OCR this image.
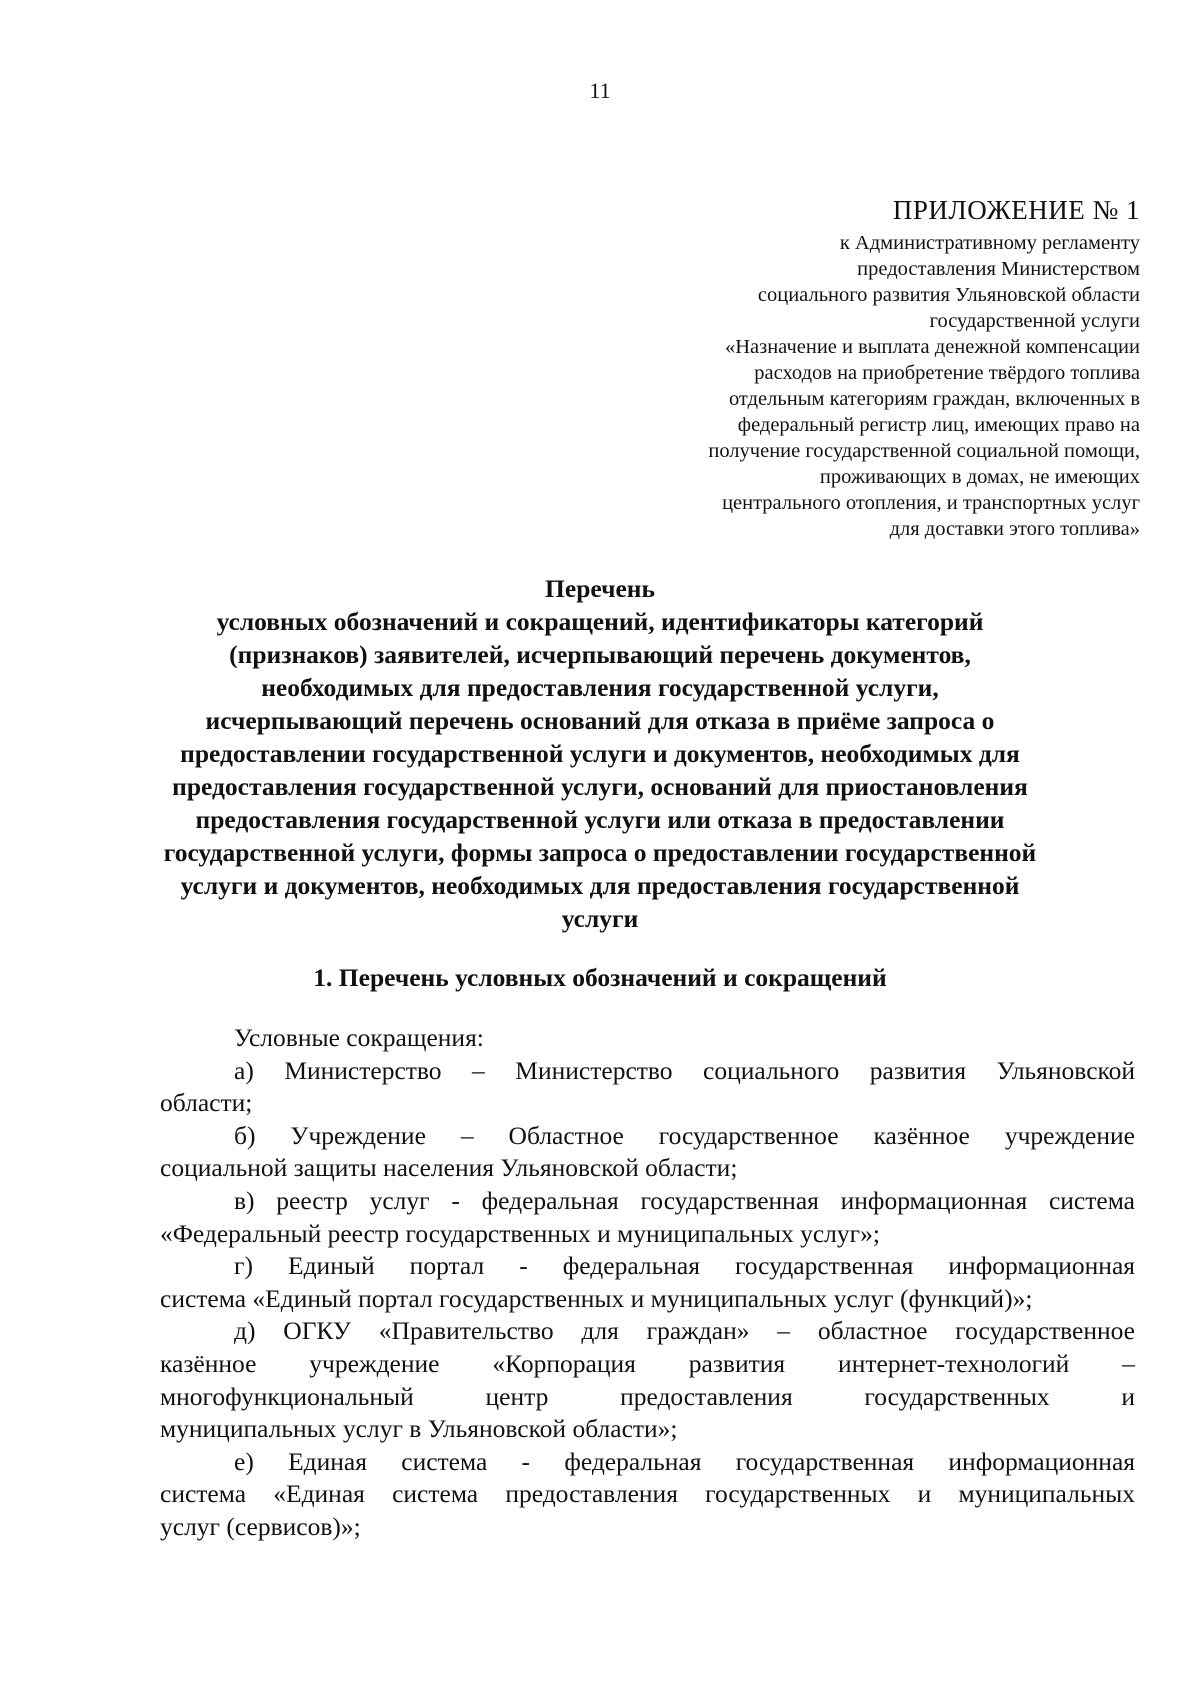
11
ПРИЛОЖЕНИЕ № 1
к Административному регламенту
предоставления Министерством
социального развития Ульяновской области
государственной услуги
«Назначение и выплата денежной компенсации
расходов на приобретение твёрдого топлива
отдельным категориям граждан, включенных в
федеральный регистр лиц, имеющих право на
получение государственной социальной помощи,
проживающих в домах, не имеющих
центрального отопления, и транспортных услуг
для доставки этого топлива»
Перечень
условных обозначений и сокращений, идентификаторы категорий
(признаков) заявителей, исчерпывающий перечень документов,
необходимых для предоставления государственной услуги,
исчерпывающий перечень оснований для отказа в приёме запроса о
предоставлении государственной услуги и документов, необходимых для
предоставления государственной услуги, оснований для приостановления
предоставления государственной услуги или отказа в предоставлении
государственной услуги, формы запроса о предоставлении государственной
услуги и документов, необходимых для предоставления государственной
услуги
1. Перечень условных обозначений и сокращений
Условные сокращения:
а) Министерство – Министерство социального развития Ульяновской
области;
б) Учреждение – Областное государственное казённое учреждение
социальной защиты населения Ульяновской области;
в) реестр услуг - федеральная государственная информационная система
«Федеральный реестр государственных и муниципальных услуг»;
г) Единый портал - федеральная государственная информационная
система «Единый портал государственных и муниципальных услуг (функций)»;
д) ОГКУ «Правительство для граждан» – областное государственное
казённое учреждение «Корпорация развития интернет-технологий –
многофункциональный центр предоставления государственных и
муниципальных услуг в Ульяновской области»;
е) Единая система - федеральная государственная информационная
система «Единая система предоставления государственных и муниципальных
услуг (сервисов)»;
